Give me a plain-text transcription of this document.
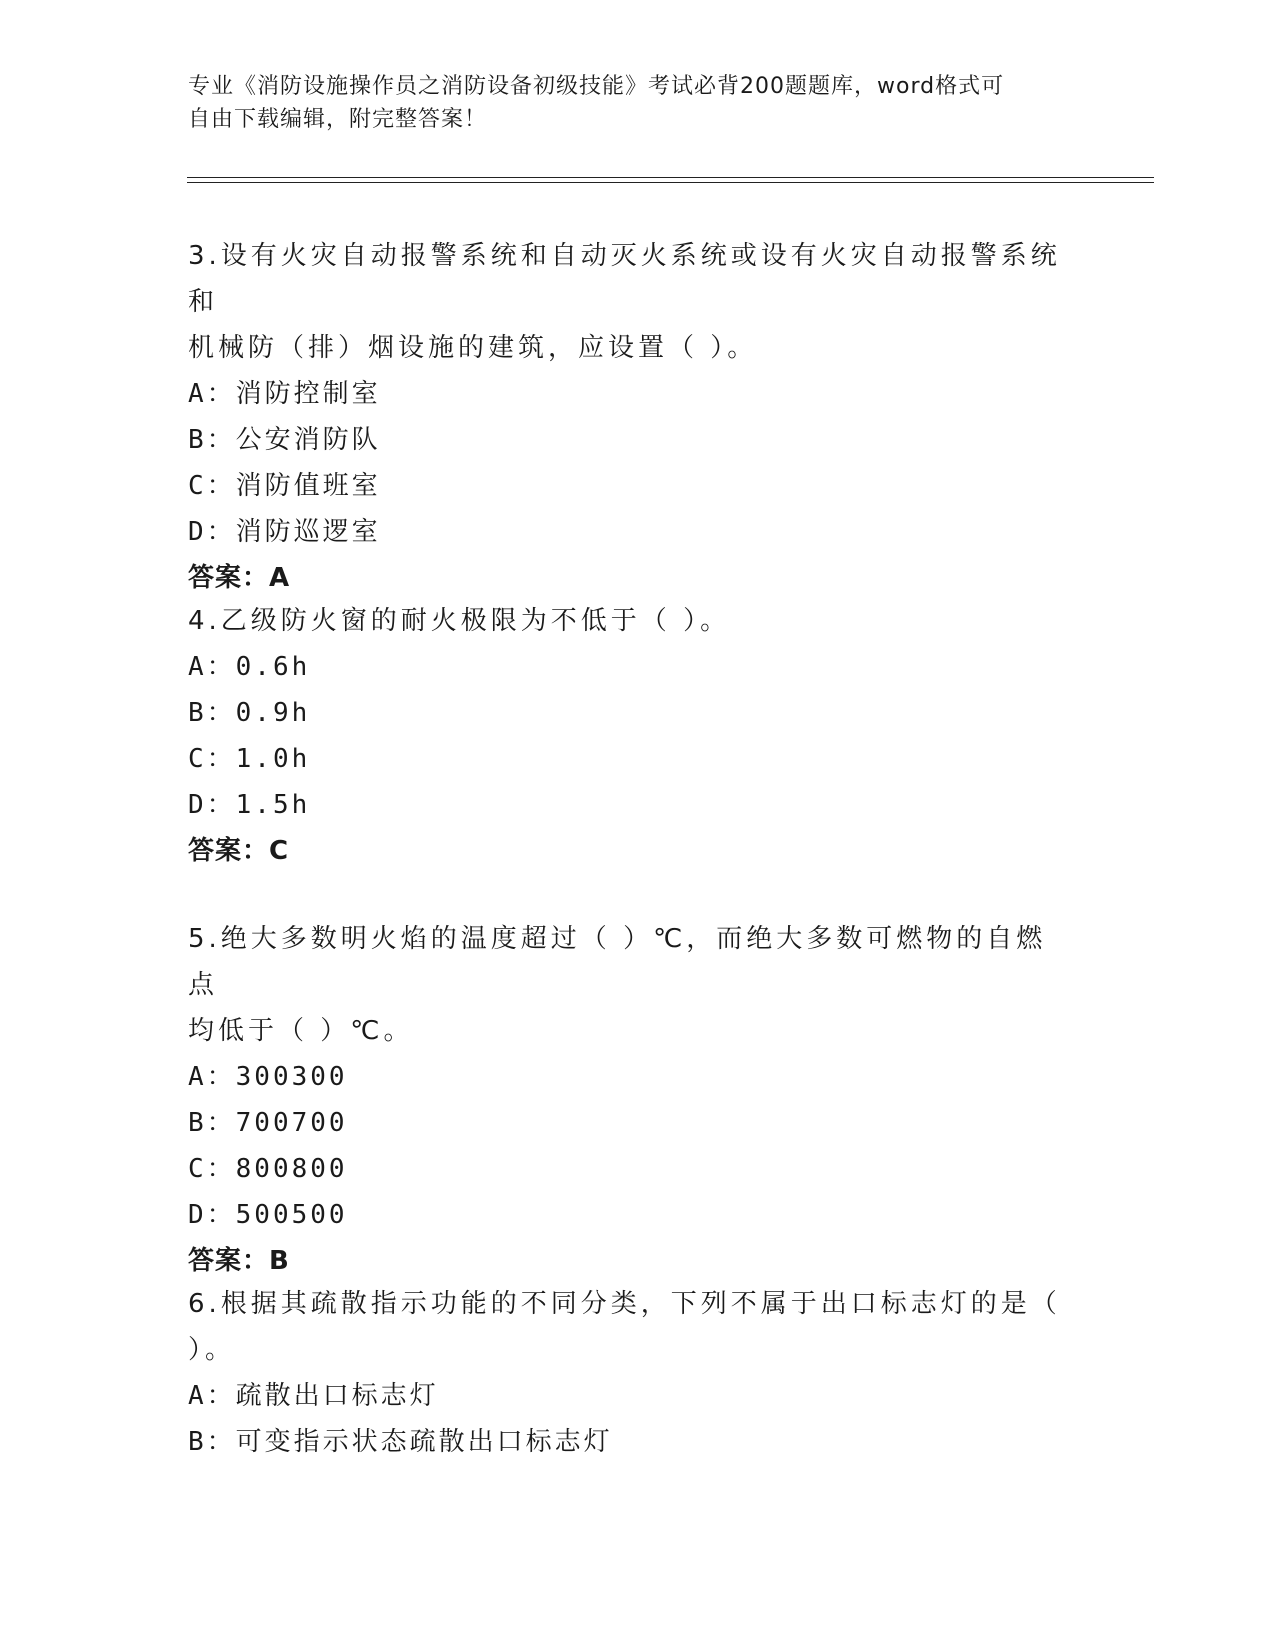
专业《消防设施操作员之消防设备初级技能》考试必背200题题库，word格式可
自由下载编辑，附完整答案！
3.设有火灾自动报警系统和自动灭火系统或设有火灾自动报警系统和
机械防（排）烟设施的建筑，应设置（ ）。
A：消防控制室
B：公安消防队
C：消防值班室
D：消防巡逻室
答案：A
4.乙级防火窗的耐火极限为不低于（ ）。
A：0.6h
B：0.9h
C：1.0h
D：1.5h
答案：C
5.绝大多数明火焰的温度超过（ ）℃，而绝大多数可燃物的自燃点
均低于（ ）℃。
A：300300
B：700700
C：800800
D：500500
答案：B
6.根据其疏散指示功能的不同分类，下列不属于出口标志灯的是（
）。
A：疏散出口标志灯
B：可变指示状态疏散出口标志灯
